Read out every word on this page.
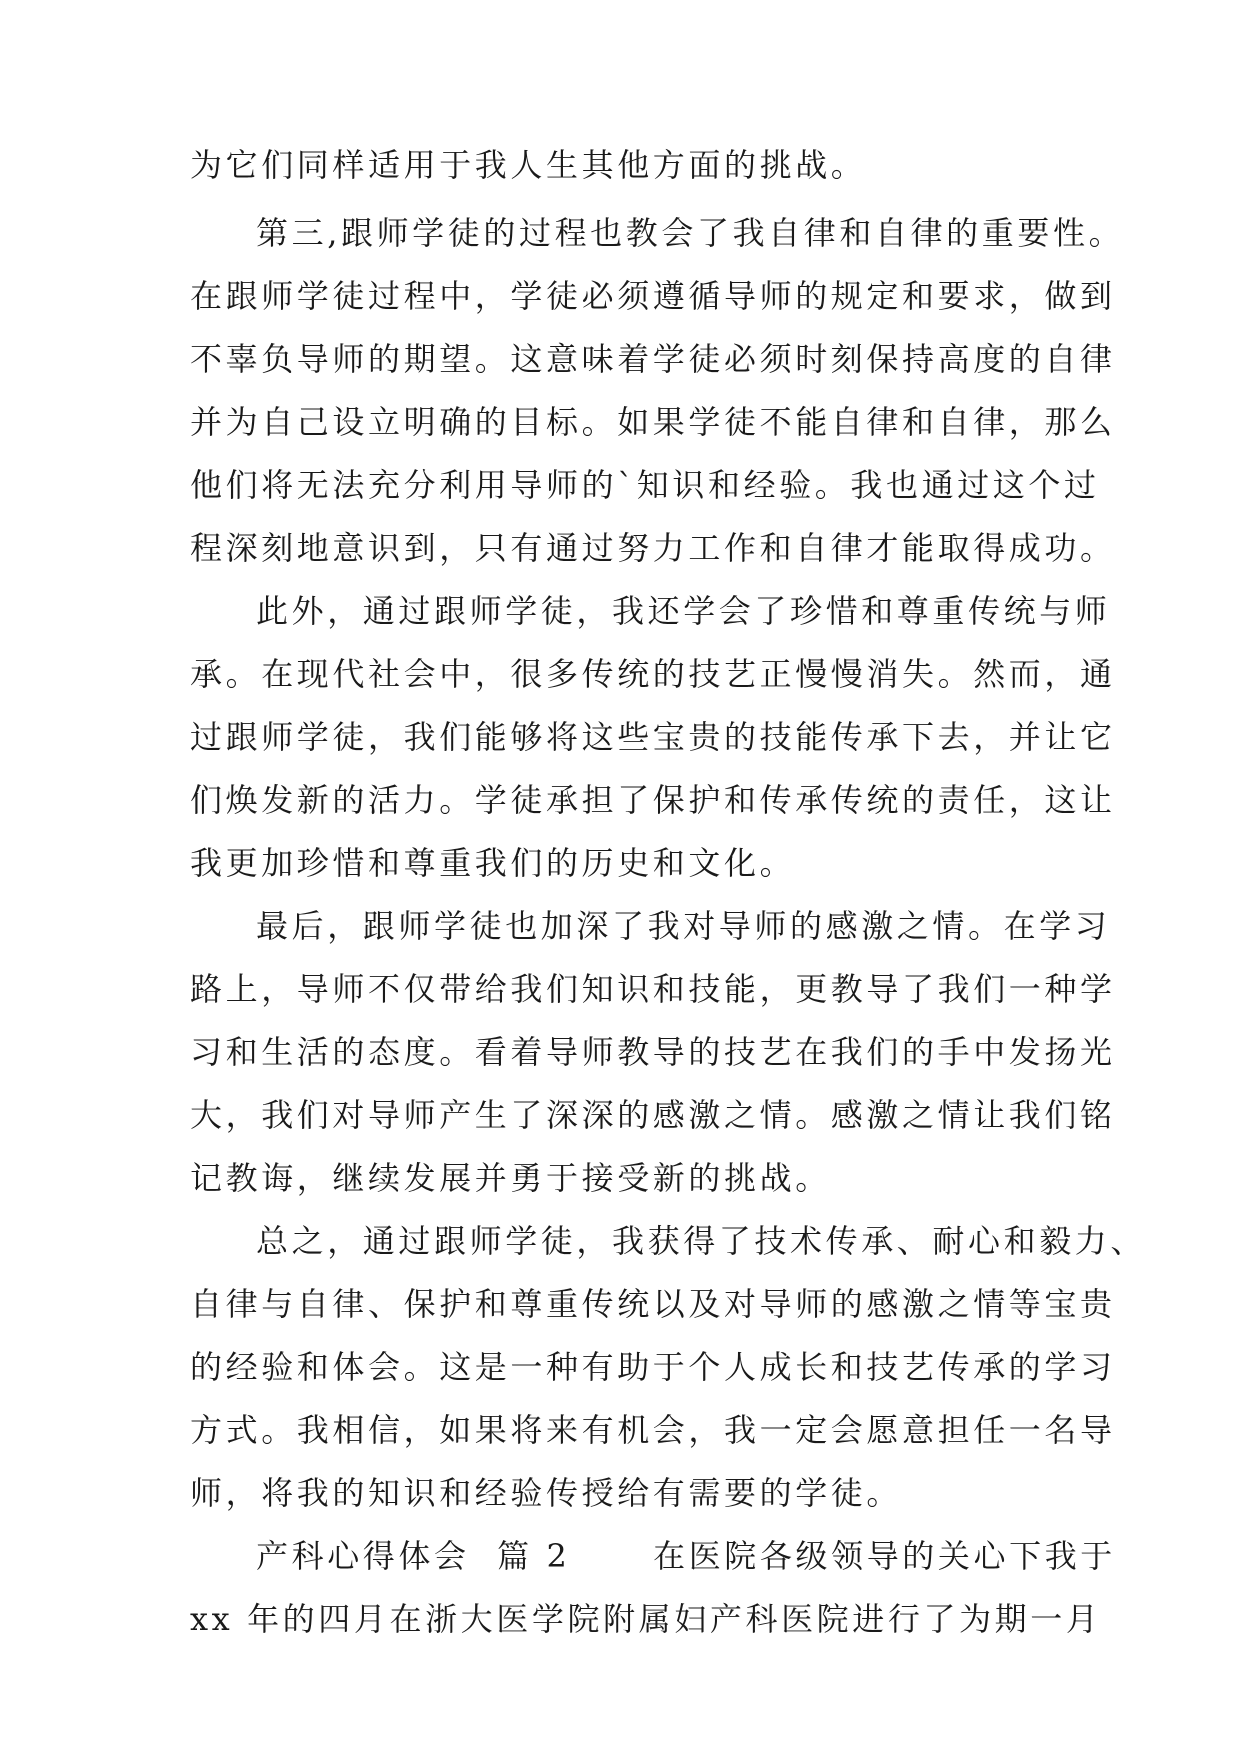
为它们同样适用于我人生其他方面的挑战。
第三,跟师学徒的过程也教会了我自律和自律的重要性。
在跟师学徒过程中，学徒必须遵循导师的规定和要求，做到
不辜负导师的期望。这意味着学徒必须时刻保持高度的自律
并为自己设立明确的目标。如果学徒不能自律和自律，那么
他们将无法充分利用导师的`知识和经验。我也通过这个过
程深刻地意识到，只有通过努力工作和自律才能取得成功。
此外，通过跟师学徒，我还学会了珍惜和尊重传统与师
承。在现代社会中，很多传统的技艺正慢慢消失。然而，通
过跟师学徒，我们能够将这些宝贵的技能传承下去，并让它
们焕发新的活力。学徒承担了保护和传承传统的责任，这让
我更加珍惜和尊重我们的历史和文化。
最后，跟师学徒也加深了我对导师的感激之情。在学习
路上，导师不仅带给我们知识和技能，更教导了我们一种学
习和生活的态度。看着导师教导的技艺在我们的手中发扬光
大，我们对导师产生了深深的感激之情。感激之情让我们铭
记教诲，继续发展并勇于接受新的挑战。
总之，通过跟师学徒，我获得了技术传承、耐心和毅力、
自律与自律、保护和尊重传统以及对导师的感激之情等宝贵
的经验和体会。这是一种有助于个人成长和技艺传承的学习
方式。我相信，如果将来有机会，我一定会愿意担任一名导
师，将我的知识和经验传授给有需要的学徒。
产科心得体会  篇 2      在医院各级领导的关心下我于
xx 年的四月在浙大医学院附属妇产科医院进行了为期一月
